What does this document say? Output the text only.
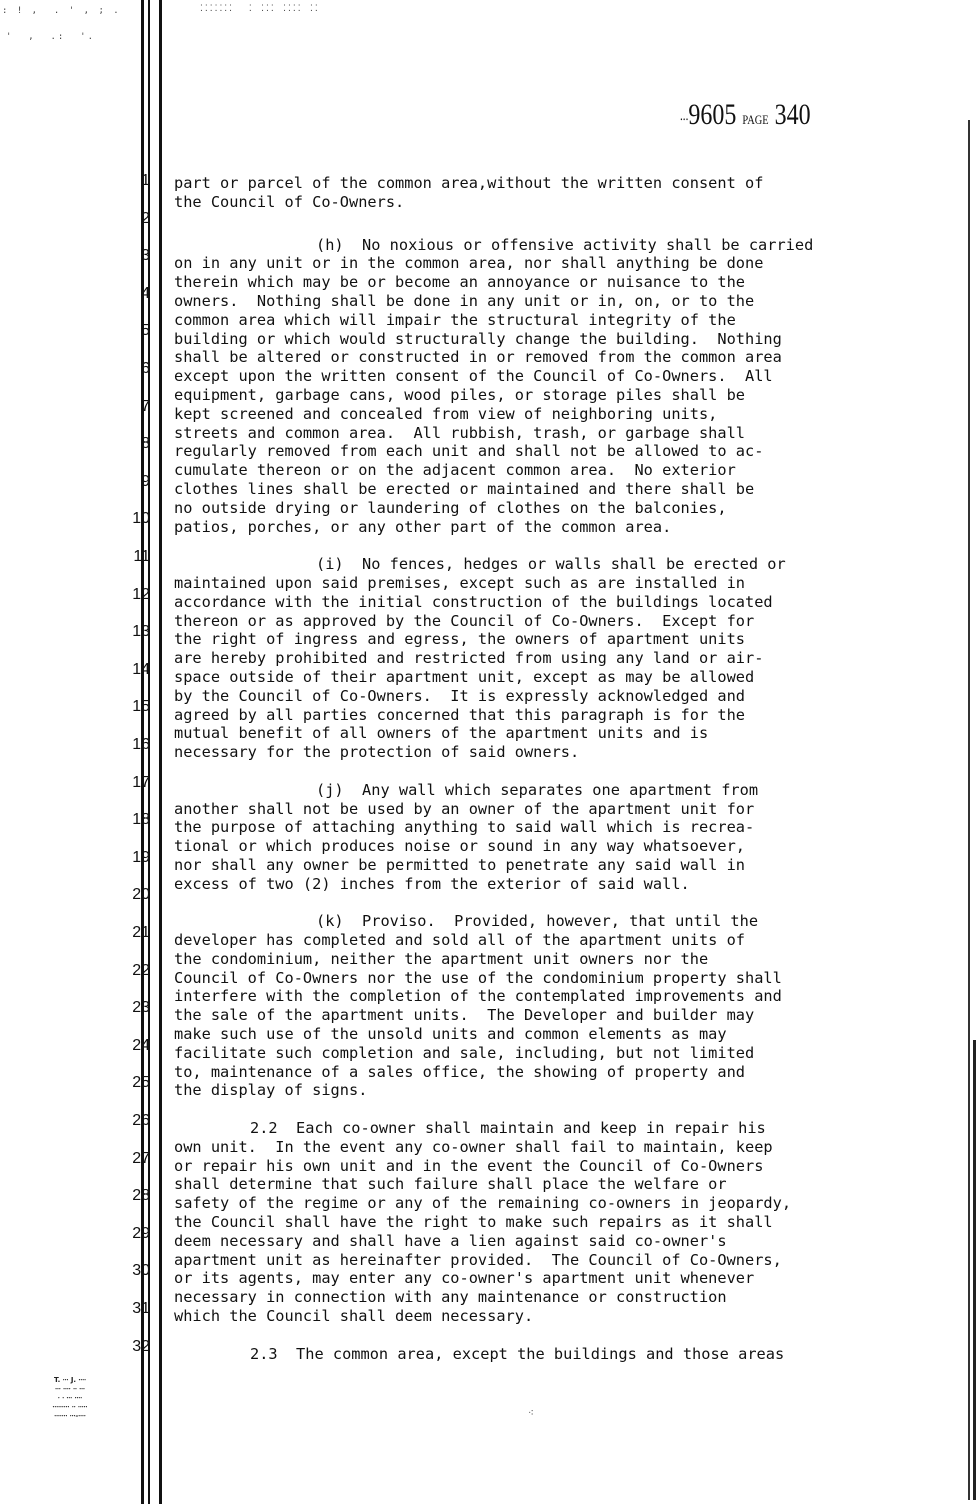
: ! ,  . ' , ; .	⁚⁚⁚⁚⁚⁚⁚  ⁚ ⁚⁚⁚ ⁚⁚⁚⁚ ⁚⁚
'  ,  .:  '.
⸱⸱⸱9605 PAGE 340
1
2
3
4
5
6
7
8
9
10
11
12
13
14
15
16
17
18
19
20
21
22
23
24
25
26
27
28
29
30
31
32

part or parcel of the common area,without the written consent of
the Council of Co-Owners.

(h)  No noxious or offensive activity shall be carried
on in any unit or in the common area, nor shall anything be done
therein which may be or become an annoyance or nuisance to the
owners.  Nothing shall be done in any unit or in, on, or to the
common area which will impair the structural integrity of the
building or which would structurally change the building.  Nothing
shall be altered or constructed in or removed from the common area
except upon the written consent of the Council of Co-Owners.  All
equipment, garbage cans, wood piles, or storage piles shall be
kept screened and concealed from view of neighboring units,
streets and common area.  All rubbish, trash, or garbage shall
regularly removed from each unit and shall not be allowed to ac-
cumulate thereon or on the adjacent common area.  No exterior
clothes lines shall be erected or maintained and there shall be
no outside drying or laundering of clothes on the balconies,
patios, porches, or any other part of the common area.

(i)  No fences, hedges or walls shall be erected or
maintained upon said premises, except such as are installed in
accordance with the initial construction of the buildings located
thereon or as approved by the Council of Co-Owners.  Except for
the right of ingress and egress, the owners of apartment units
are hereby prohibited and restricted from using any land or air-
space outside of their apartment unit, except as may be allowed
by the Council of Co-Owners.  It is expressly acknowledged and
agreed by all parties concerned that this paragraph is for the
mutual benefit of all owners of the apartment units and is
necessary for the protection of said owners.

(j)  Any wall which separates one apartment from
another shall not be used by an owner of the apartment unit for
the purpose of attaching anything to said wall which is recrea-
tional or which produces noise or sound in any way whatsoever,
nor shall any owner be permitted to penetrate any said wall in
excess of two (2) inches from the exterior of said wall.

(k)  Proviso.  Provided, however, that until the
developer has completed and sold all of the apartment units of
the condominium, neither the apartment unit owners nor the
Council of Co-Owners nor the use of the condominium property shall
interfere with the completion of the contemplated improvements and
the sale of the apartment units.  The Developer and builder may
make such use of the unsold units and common elements as may
facilitate such completion and sale, including, but not limited
to, maintenance of a sales office, the showing of property and
the display of signs.

2.2  Each co-owner shall maintain and keep in repair his
own unit.  In the event any co-owner shall fail to maintain, keep
or repair his own unit and in the event the Council of Co-Owners
shall determine that such failure shall place the welfare or
safety of the regime or any of the remaining co-owners in jeopardy,
the Council shall have the right to make such repairs as it shall
deem necessary and shall have a lien against said co-owner's
apartment unit as hereinafter provided.  The Council of Co-Owners,
or its agents, may enter any co-owner's apartment unit whenever
necessary in connection with any maintenance or construction
which the Council shall deem necessary.

2.3  The common area, except the buildings and those areas

T. ⸱⸱⸱ J. ⸱⸱⸱⸱
⸱⸱⸱ ⸱⸱⸱⸱ ⸱⸱ ⸱⸱⸱
⸱ ⸱ ⸱⸱⸱ ⸱⸱⸱⸱
⸱⸱⸱⸱⸱⸱⸱⸱⸱ ⸱⸱ ⸱⸱⸱⸱⸱
⸱⸱⸱⸱⸱⸱⸱ ⸱⸱⸱-⸱⸱⸱⸱	⁖
